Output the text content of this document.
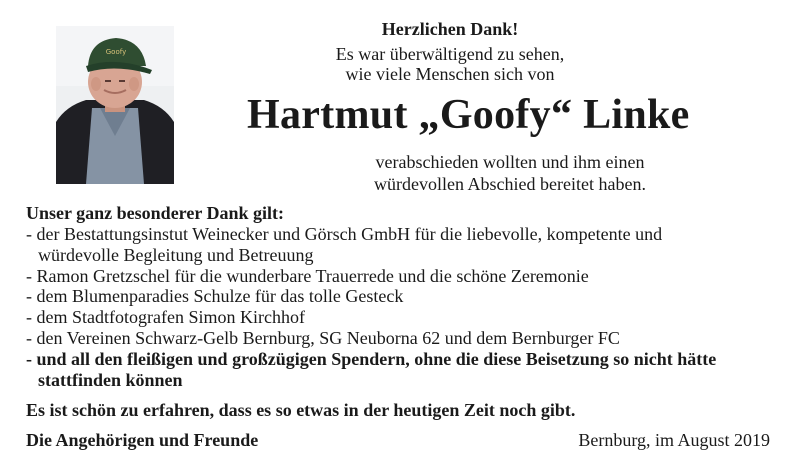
Goofy
Herzlichen Dank!
Es war überwältigend zu sehen,
wie viele Menschen sich von
Hartmut „Goofy“ Linke
verabschieden wollten und ihm einen
würdevollen Abschied bereitet haben.
Unser ganz besonderer Dank gilt:
- der Bestattungsinstut Weinecker und Görsch GmbH für die liebevolle, kompetente und
würdevolle Begleitung und Betreuung
- Ramon Gretzschel für die wunderbare Trauerrede und die schöne Zeremonie
- dem Blumenparadies Schulze für das tolle Gesteck
- dem Stadtfotografen Simon Kirchhof
- den Vereinen Schwarz-Gelb Bernburg, SG Neuborna 62 und dem Bernburger FC
- und all den fleißigen und großzügigen Spendern, ohne die diese Beisetzung so nicht hätte
stattfinden können
Es ist schön zu erfahren, dass es so etwas in der heutigen Zeit noch gibt.
Die Angehörigen und Freunde	Bernburg, im August 2019
